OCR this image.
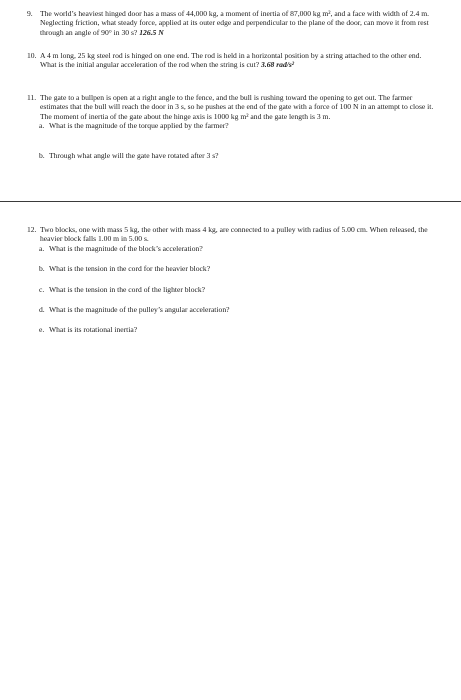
9. The world’s heaviest hinged door has a mass of 44,000 kg, a moment of inertia of 87,000 kg m², and a face with width of 2.4 m. Neglecting friction, what steady force, applied at its outer edge and perpendicular to the plane of the door, can move it from rest through an angle of 90° in 30 s? 126.5 N
10. A 4 m long, 25 kg steel rod is hinged on one end. The rod is held in a horizontal position by a string attached to the other end. What is the initial angular acceleration of the rod when the string is cut? 3.68 rad/s²
11. The gate to a bullpen is open at a right angle to the fence, and the bull is rushing toward the opening to get out. The farmer estimates that the bull will reach the door in 3 s, so he pushes at the end of the gate with a force of 100 N in an attempt to close it. The moment of inertia of the gate about the hinge axis is 1000 kg m² and the gate length is 3 m.
a. What is the magnitude of the torque applied by the farmer?
b. Through what angle will the gate have rotated after 3 s?
12. Two blocks, one with mass 5 kg, the other with mass 4 kg, are connected to a pulley with radius of 5.00 cm. When released, the heavier block falls 1.00 m in 5.00 s.
a. What is the magnitude of the block’s acceleration?
b. What is the tension in the cord for the heavier block?
c. What is the tension in the cord of the lighter block?
d. What is the magnitude of the pulley’s angular acceleration?
e. What is its rotational inertia?
